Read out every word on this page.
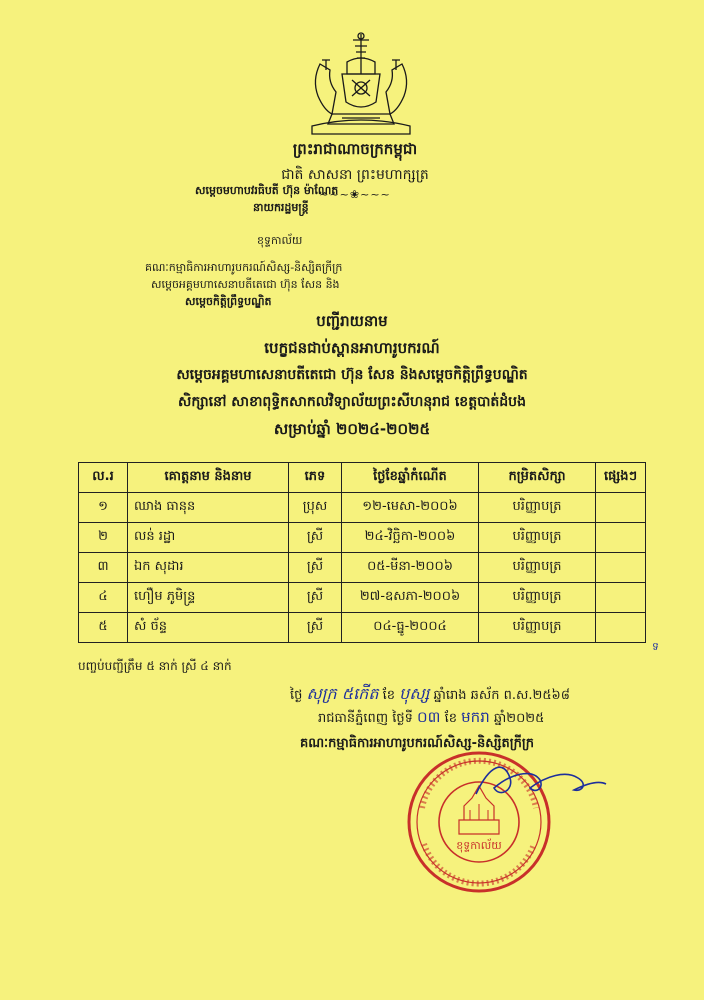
ព្រះរាជាណាចក្រកម្ពុជា
ជាតិ សាសនា ព្រះមហាក្សត្រ
~~~❀~~~
សម្តេចមហាបវរធិបតី ហ៊ុន ម៉ាណែត
នាយករដ្ឋមន្ត្រី
ខុទ្ទកាល័យ
គណៈកម្មាធិការអាហារូបករណ៍សិស្ស-និស្សិតក្រីក្រ
សម្តេចអគ្គមហាសេនាបតីតេជោ ហ៊ុន សែន និង
សម្តេចកិត្តិព្រឹទ្ធបណ្ឌិត
បញ្ជីរាយនាម
បេក្ខជនជាប់ស្ពានអាហារូបករណ៍
សម្តេចអគ្គមហាសេនាបតីតេជោ ហ៊ុន សែន និងសម្តេចកិត្តិព្រឹទ្ធបណ្ឌិត
សិក្សានៅ សាខាពុទ្ធិកសាកលវិទ្យាល័យព្រះសីហនុរាជ ខេត្តបាត់ដំបង
សម្រាប់ឆ្នាំ ២០២៤-២០២៥
ល.រ	គោត្តនាម និងនាម	ភេទ	ថ្ងៃខែឆ្នាំកំណើត	កម្រិតសិក្សា	ផ្សេងៗ
១	ឈាង ធានុន	ប្រុស	១២-មេសា-២០០៦	បរិញ្ញាបត្រ	
២	លន់ រដ្ឋា	ស្រី	២៤-វិច្ឆិកា-២០០៦	បរិញ្ញាបត្រ	
៣	ឯក សុដារ	ស្រី	០៥-មីនា-២០០៦	បរិញ្ញាបត្រ	
៤	ហឿម ភូមិន្ទ្រ	ស្រី	២៧-ឧសភា-២០០៦	បរិញ្ញាបត្រ	
៥	សំ ច័ន្ទ	ស្រី	០៤-ធ្នូ-២០០៤	បរិញ្ញាបត្រ	
ទ
បញ្ចប់បញ្ជីត្រឹម ៥ នាក់ ស្រី ៤ នាក់
ថ្ងៃ សុក្រ ៥កើត ខែ បុស្ស ឆ្នាំរោង ឆស័ក ព.ស.២៥៦៨
រាជធានីភ្នំពេញ ថ្ងៃទី ០៣ ខែ មករា ឆ្នាំ២០២៥
គណៈកម្មាធិការអាហារូបករណ៍សិស្ស-និស្សិតក្រីក្រ
ខុទ្ទកាល័យ
